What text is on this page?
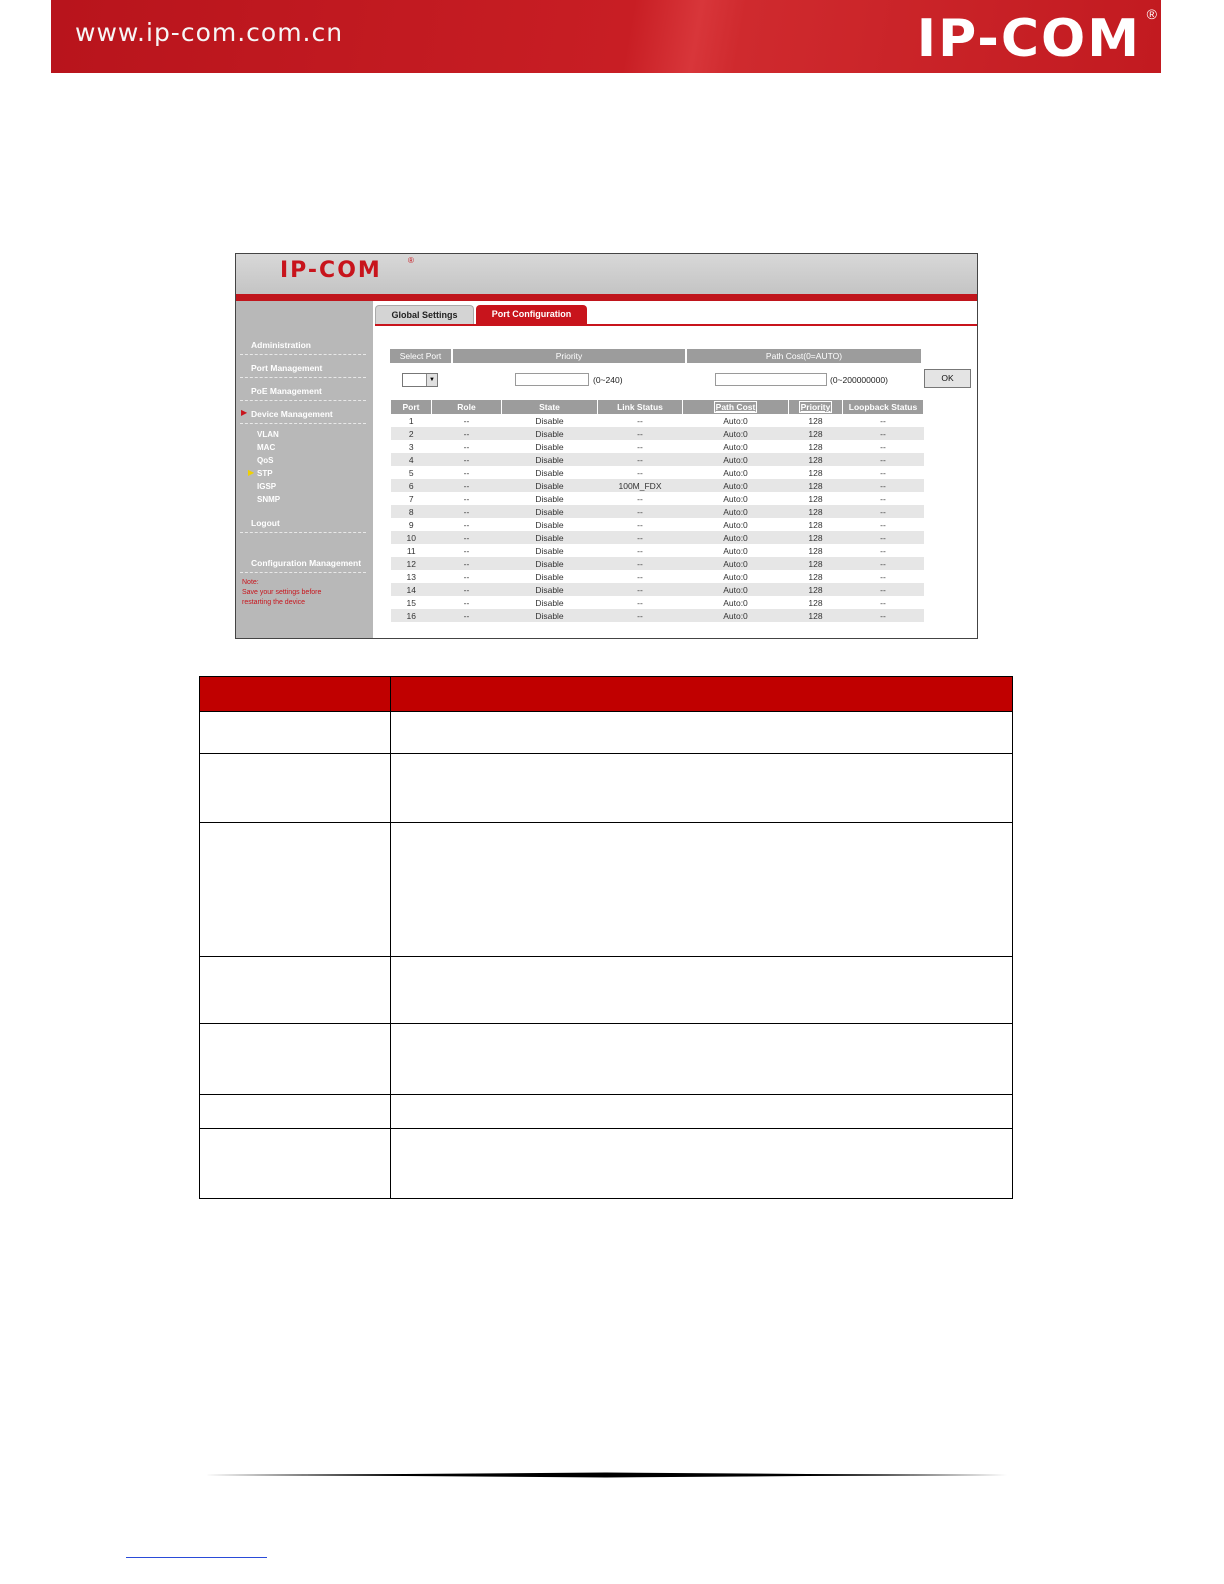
www.ip-com.com.cn	IP-COM ®
IP-COM	®
Administration
Port Management
PoE Management
▶ Device Management
VLAN
MAC
QoS
▶ STP
IGSP
SNMP
Logout
Configuration Management
Note:
Save your settings before
restarting the device
Global Settings	Port Configuration
Select Port	Priority	Path Cost(0=AUTO)
▼	(0~240)	(0~200000000)	OK
Port	Role	State	Link Status	Path Cost	Priority	Loopback Status
1	--	Disable	--	Auto:0	128	--
2	--	Disable	--	Auto:0	128	--
3	--	Disable	--	Auto:0	128	--
4	--	Disable	--	Auto:0	128	--
5	--	Disable	--	Auto:0	128	--
6	--	Disable	100M_FDX	Auto:0	128	--
7	--	Disable	--	Auto:0	128	--
8	--	Disable	--	Auto:0	128	--
9	--	Disable	--	Auto:0	128	--
10	--	Disable	--	Auto:0	128	--
11	--	Disable	--	Auto:0	128	--
12	--	Disable	--	Auto:0	128	--
13	--	Disable	--	Auto:0	128	--
14	--	Disable	--	Auto:0	128	--
15	--	Disable	--	Auto:0	128	--
16	--	Disable	--	Auto:0	128	--
